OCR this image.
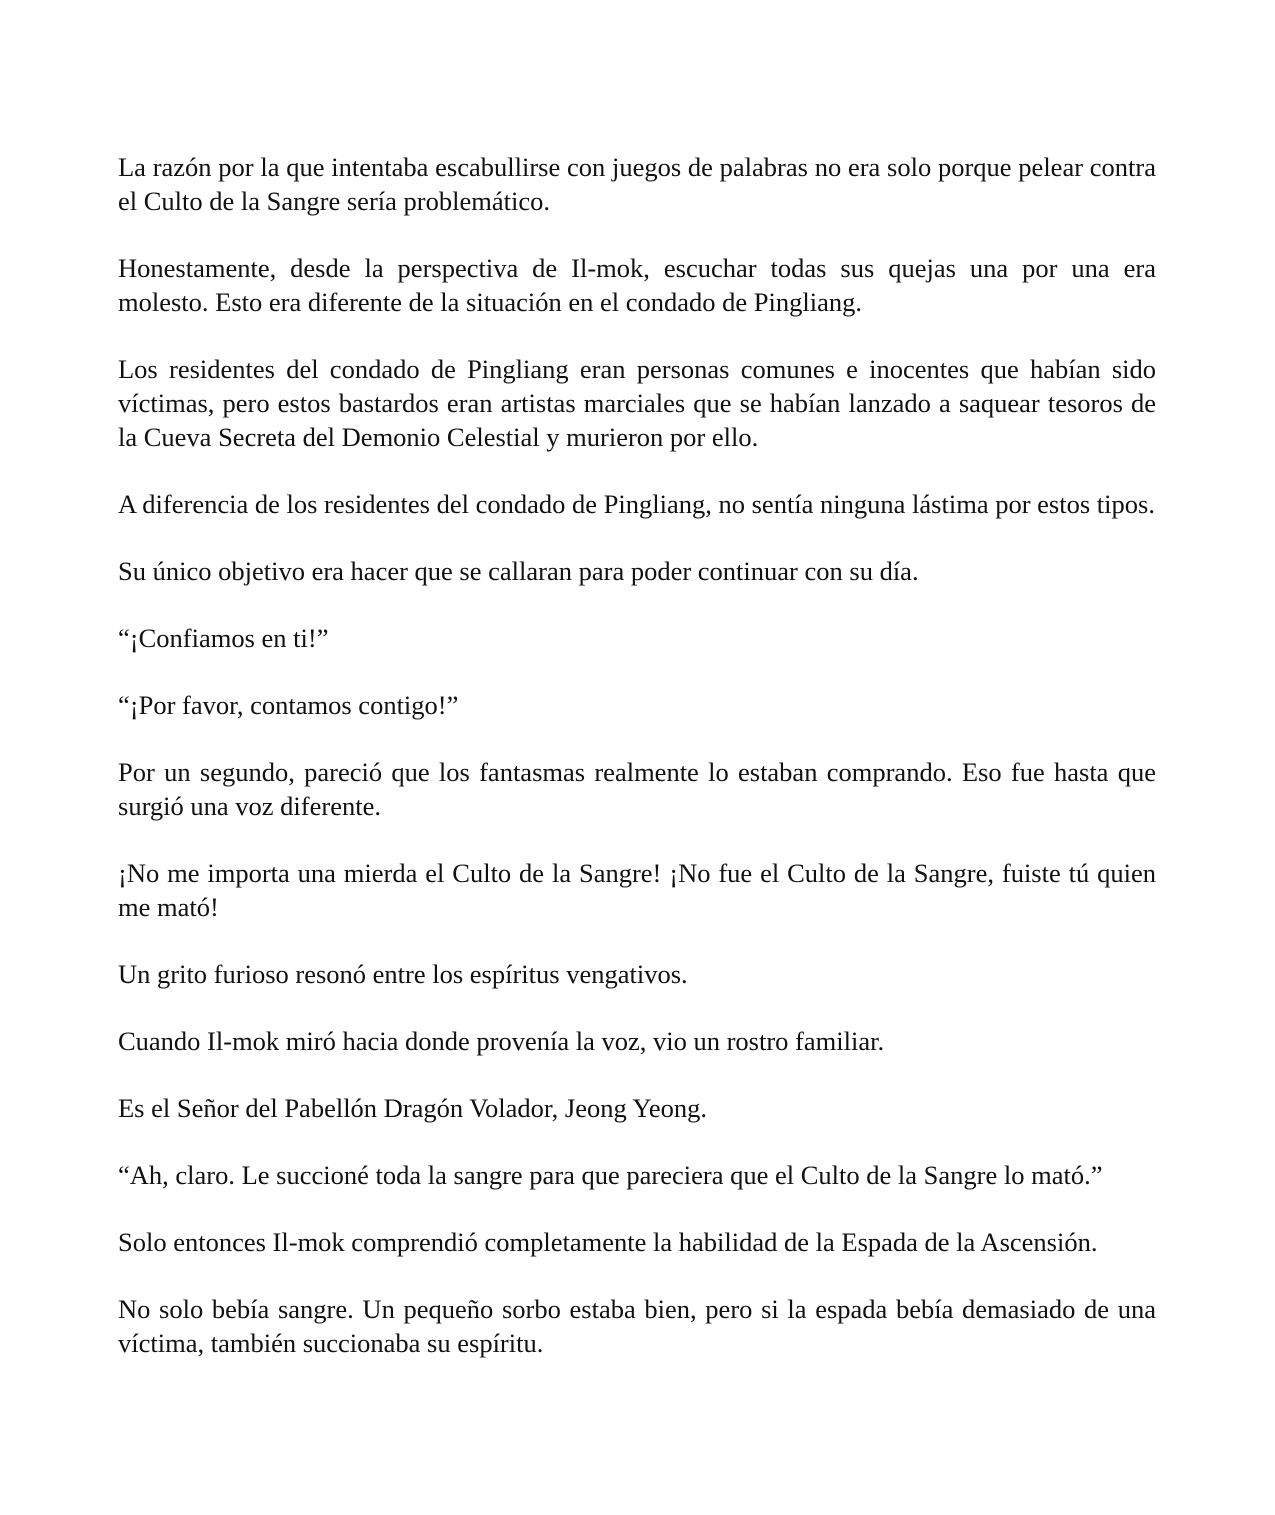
La razón por la que intentaba escabullirse con juegos de palabras no era solo porque pelear contra el Culto de la Sangre sería problemático.

Honestamente, desde la perspectiva de Il-mok, escuchar todas sus quejas una por una era molesto. Esto era diferente de la situación en el condado de Pingliang.

Los residentes del condado de Pingliang eran personas comunes e inocentes que habían sido víctimas, pero estos bastardos eran artistas marciales que se habían lanzado a saquear tesoros de la Cueva Secreta del Demonio Celestial y murieron por ello.

A diferencia de los residentes del condado de Pingliang, no sentía ninguna lástima por estos tipos.

Su único objetivo era hacer que se callaran para poder continuar con su día.

“¡Confiamos en ti!”

“¡Por favor, contamos contigo!”

Por un segundo, pareció que los fantasmas realmente lo estaban comprando. Eso fue hasta que surgió una voz diferente.

¡No me importa una mierda el Culto de la Sangre! ¡No fue el Culto de la Sangre, fuiste tú quien me mató!

Un grito furioso resonó entre los espíritus vengativos.

Cuando Il-mok miró hacia donde provenía la voz, vio un rostro familiar.

Es el Señor del Pabellón Dragón Volador, Jeong Yeong.

“Ah, claro. Le succioné toda la sangre para que pareciera que el Culto de la Sangre lo mató.”

Solo entonces Il-mok comprendió completamente la habilidad de la Espada de la Ascensión.

No solo bebía sangre. Un pequeño sorbo estaba bien, pero si la espada bebía demasiado de una víctima, también succionaba su espíritu.
